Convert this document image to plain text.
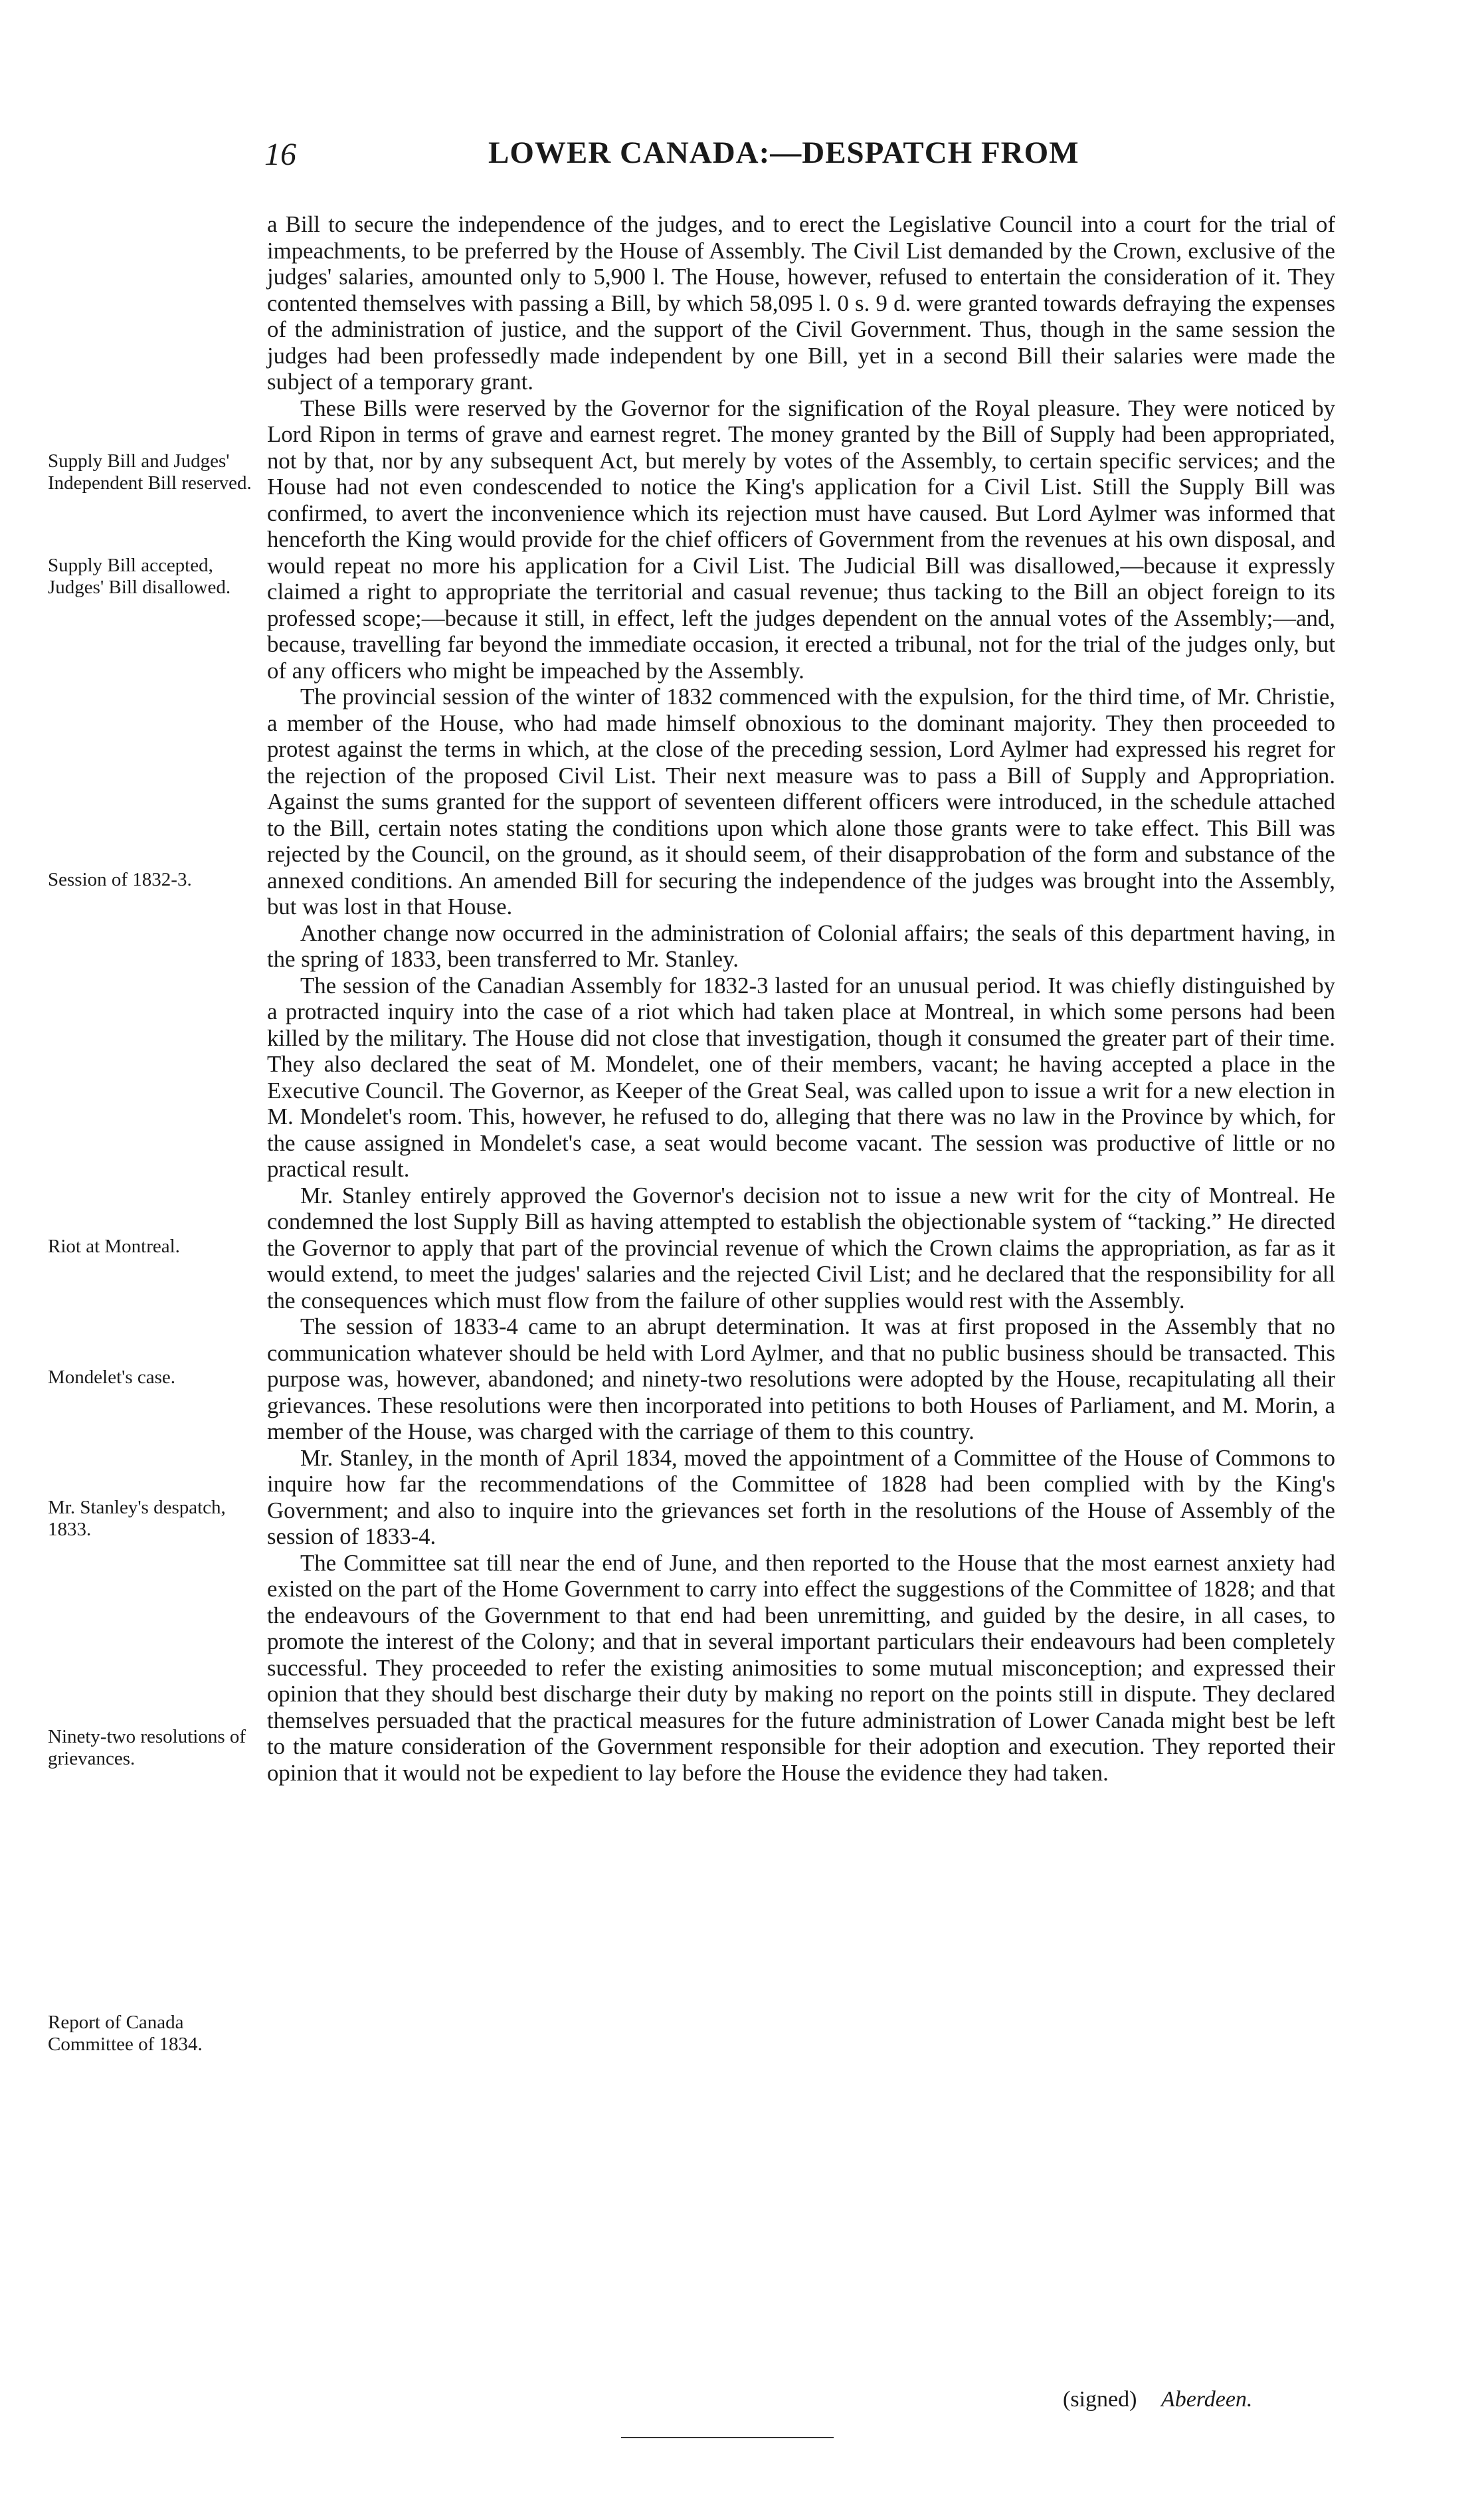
16	LOWER CANADA:—DESPATCH FROM

a Bill to secure the independence of the judges, and to erect the Legislative Council into a court for the trial of impeachments, to be preferred by the House of Assembly. The Civil List demanded by the Crown, exclusive of the judges' salaries, amounted only to 5,900 l. The House, however, refused to entertain the consideration of it. They contented themselves with passing a Bill, by which 58,095 l. 0 s. 9 d. were granted towards defraying the expenses of the administration of justice, and the support of the Civil Government. Thus, though in the same session the judges had been professedly made independent by one Bill, yet in a second Bill their salaries were made the subject of a temporary grant.

These Bills were reserved by the Governor for the signification of the Royal pleasure. They were noticed by Lord Ripon in terms of grave and earnest regret. The money granted by the Bill of Supply had been appropriated, not by that, nor by any subsequent Act, but merely by votes of the Assembly, to certain specific services; and the House had not even condescended to notice the King's application for a Civil List. Still the Supply Bill was confirmed, to avert the inconvenience which its rejection must have caused. But Lord Aylmer was informed that henceforth the King would provide for the chief officers of Government from the revenues at his own disposal, and would repeat no more his application for a Civil List. The Judicial Bill was disallowed,—because it expressly claimed a right to appropriate the territorial and casual revenue; thus tacking to the Bill an object foreign to its professed scope;—because it still, in effect, left the judges dependent on the annual votes of the Assembly;—and, because, travelling far beyond the immediate occasion, it erected a tribunal, not for the trial of the judges only, but of any officers who might be impeached by the Assembly.

The provincial session of the winter of 1832 commenced with the expulsion, for the third time, of Mr. Christie, a member of the House, who had made himself obnoxious to the dominant majority. They then proceeded to protest against the terms in which, at the close of the preceding session, Lord Aylmer had expressed his regret for the rejection of the proposed Civil List. Their next measure was to pass a Bill of Supply and Appropriation. Against the sums granted for the support of seventeen different officers were introduced, in the schedule attached to the Bill, certain notes stating the conditions upon which alone those grants were to take effect. This Bill was rejected by the Council, on the ground, as it should seem, of their disapprobation of the form and substance of the annexed conditions. An amended Bill for securing the independence of the judges was brought into the Assembly, but was lost in that House.

Another change now occurred in the administration of Colonial affairs; the seals of this department having, in the spring of 1833, been transferred to Mr. Stanley.

The session of the Canadian Assembly for 1832-3 lasted for an unusual period. It was chiefly distinguished by a protracted inquiry into the case of a riot which had taken place at Montreal, in which some persons had been killed by the military. The House did not close that investigation, though it consumed the greater part of their time. They also declared the seat of M. Mondelet, one of their members, vacant; he having accepted a place in the Executive Council. The Governor, as Keeper of the Great Seal, was called upon to issue a writ for a new election in M. Mondelet's room. This, however, he refused to do, alleging that there was no law in the Province by which, for the cause assigned in Mondelet's case, a seat would become vacant. The session was productive of little or no practical result.

Mr. Stanley entirely approved the Governor's decision not to issue a new writ for the city of Montreal. He condemned the lost Supply Bill as having attempted to establish the objectionable system of “tacking.” He directed the Governor to apply that part of the provincial revenue of which the Crown claims the appropriation, as far as it would extend, to meet the judges' salaries and the rejected Civil List; and he declared that the responsibility for all the consequences which must flow from the failure of other supplies would rest with the Assembly.

The session of 1833-4 came to an abrupt determination. It was at first proposed in the Assembly that no communication whatever should be held with Lord Aylmer, and that no public business should be transacted. This purpose was, however, abandoned; and ninety-two resolutions were adopted by the House, recapitulating all their grievances. These resolutions were then incorporated into petitions to both Houses of Parliament, and M. Morin, a member of the House, was charged with the carriage of them to this country.

Mr. Stanley, in the month of April 1834, moved the appointment of a Committee of the House of Commons to inquire how far the recommendations of the Committee of 1828 had been complied with by the King's Government; and also to inquire into the grievances set forth in the resolutions of the House of Assembly of the session of 1833-4.

The Committee sat till near the end of June, and then reported to the House that the most earnest anxiety had existed on the part of the Home Government to carry into effect the suggestions of the Committee of 1828; and that the endeavours of the Government to that end had been unremitting, and guided by the desire, in all cases, to promote the interest of the Colony; and that in several important particulars their endeavours had been completely successful. They proceeded to refer the existing animosities to some mutual misconception; and expressed their opinion that they should best discharge their duty by making no report on the points still in dispute. They declared themselves persuaded that the practical measures for the future administration of Lower Canada might best be left to the mature consideration of the Government responsible for their adoption and execution. They reported their opinion that it would not be expedient to lay before the House the evidence they had taken.

(signed) Aberdeen.
Supply Bill and Judges' Independent Bill reserved.
Supply Bill accepted, Judges' Bill disallowed.
Session of 1832-3.
Riot at Montreal.
Mondelet's case.
Mr. Stanley's despatch, 1833.
Ninety-two resolutions of grievances.
Report of Canada Committee of 1834.
